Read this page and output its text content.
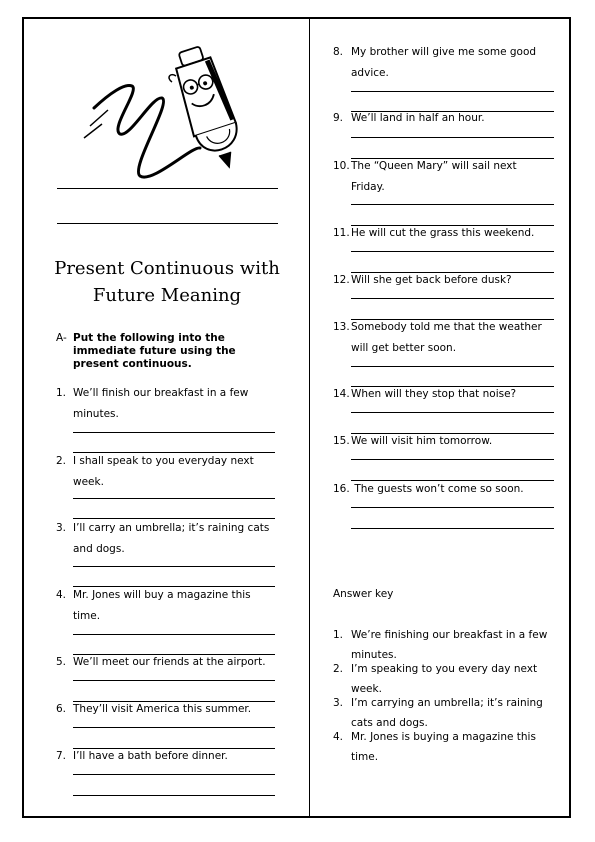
Present Continuous with
Future Meaning
A- Put the following into the immediate future using the present continuous.
1. We’ll finish our breakfast in a few minutes.
2. I shall speak to you everyday next week.
3. I’ll carry an umbrella; it’s raining cats and dogs.
4. Mr. Jones will buy a magazine this time.
5. We’ll meet our friends at the airport.
6. They’ll visit America this summer.
7. I’ll have a bath before dinner.
8. My brother will give me some good advice.
9. We’ll land in half an hour.
10. The “Queen Mary” will sail next Friday.
11. He will cut the grass this weekend.
12. Will she get back before dusk?
13. Somebody told me that the weather will get better soon.
14. When will they stop that noise?
15. We will visit him tomorrow.
16. The guests won’t come so soon.
Answer key
1. We’re finishing our breakfast in a few minutes.
2. I’m speaking to you every day next week.
3. I’m carrying an umbrella; it’s raining cats and dogs.
4. Mr. Jones is buying a magazine this time.
